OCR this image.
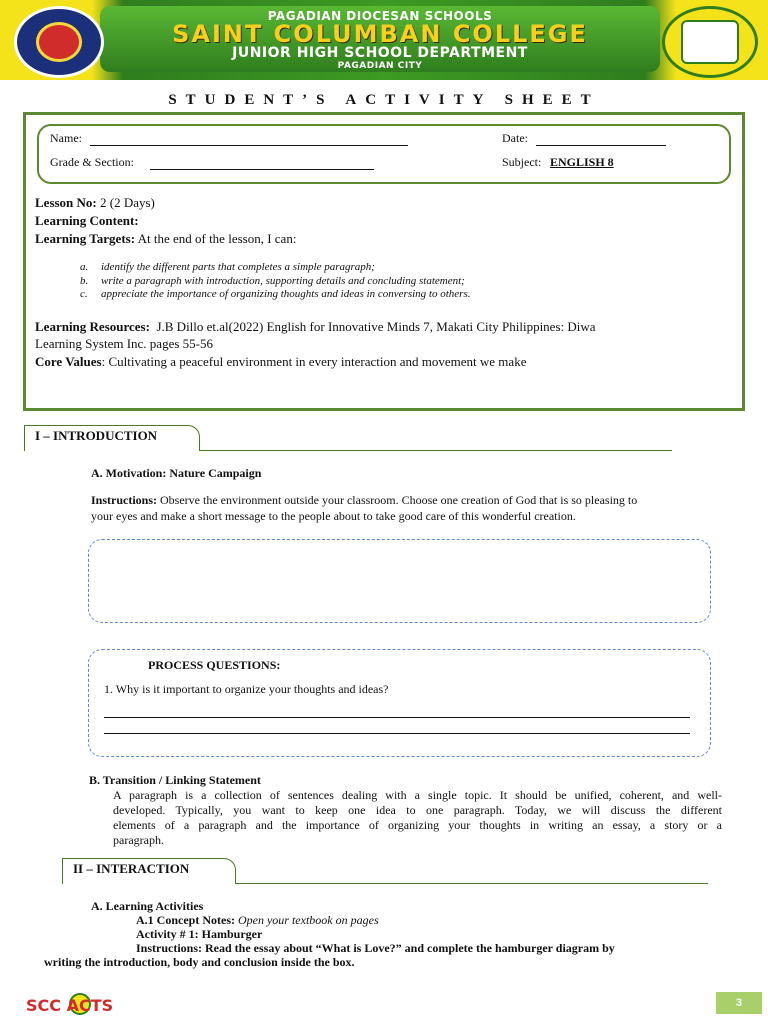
PAGADIAN DIOCESAN SCHOOLS
SAINT COLUMBAN COLLEGE
JUNIOR HIGH SCHOOL DEPARTMENT
PAGADIAN CITY
STUDENT’S ACTIVITY SHEET
Name:	Date:
Grade & Section:	Subject: ENGLISH 8
Lesson No: 2 (2 Days)
Learning Content:
Learning Targets: At the end of the lesson, I can:
a. identify the different parts that completes a simple paragraph;
b. write a paragraph with introduction, supporting details and concluding statement;
c. appreciate the importance of organizing thoughts and ideas in conversing to others.
Learning Resources: J.B Dillo et.al(2022) English for Innovative Minds 7, Makati City Philippines: Diwa
Learning System Inc. pages 55-56
Core Values: Cultivating a peaceful environment in every interaction and movement we make
I – INTRODUCTION
A. Motivation: Nature Campaign
Instructions: Observe the environment outside your classroom. Choose one creation of God that is so pleasing to
your eyes and make a short message to the people about to take good care of this wonderful creation.
PROCESS QUESTIONS:
1. Why is it important to organize your thoughts and ideas?
B. Transition / Linking Statement
A paragraph is a collection of sentences dealing with a single topic. It should be unified, coherent, and well-
developed. Typically, you want to keep one idea to one paragraph. Today, we will discuss the different
elements of a paragraph and the importance of organizing your thoughts in writing an essay, a story or a
paragraph.
II – INTERACTION
A. Learning Activities
A.1 Concept Notes: Open your textbook on pages
Activity # 1: Hamburger
Instructions: Read the essay about “What is Love?” and complete the hamburger diagram by
writing the introduction, body and conclusion inside the box.
SCC ACTS	3
